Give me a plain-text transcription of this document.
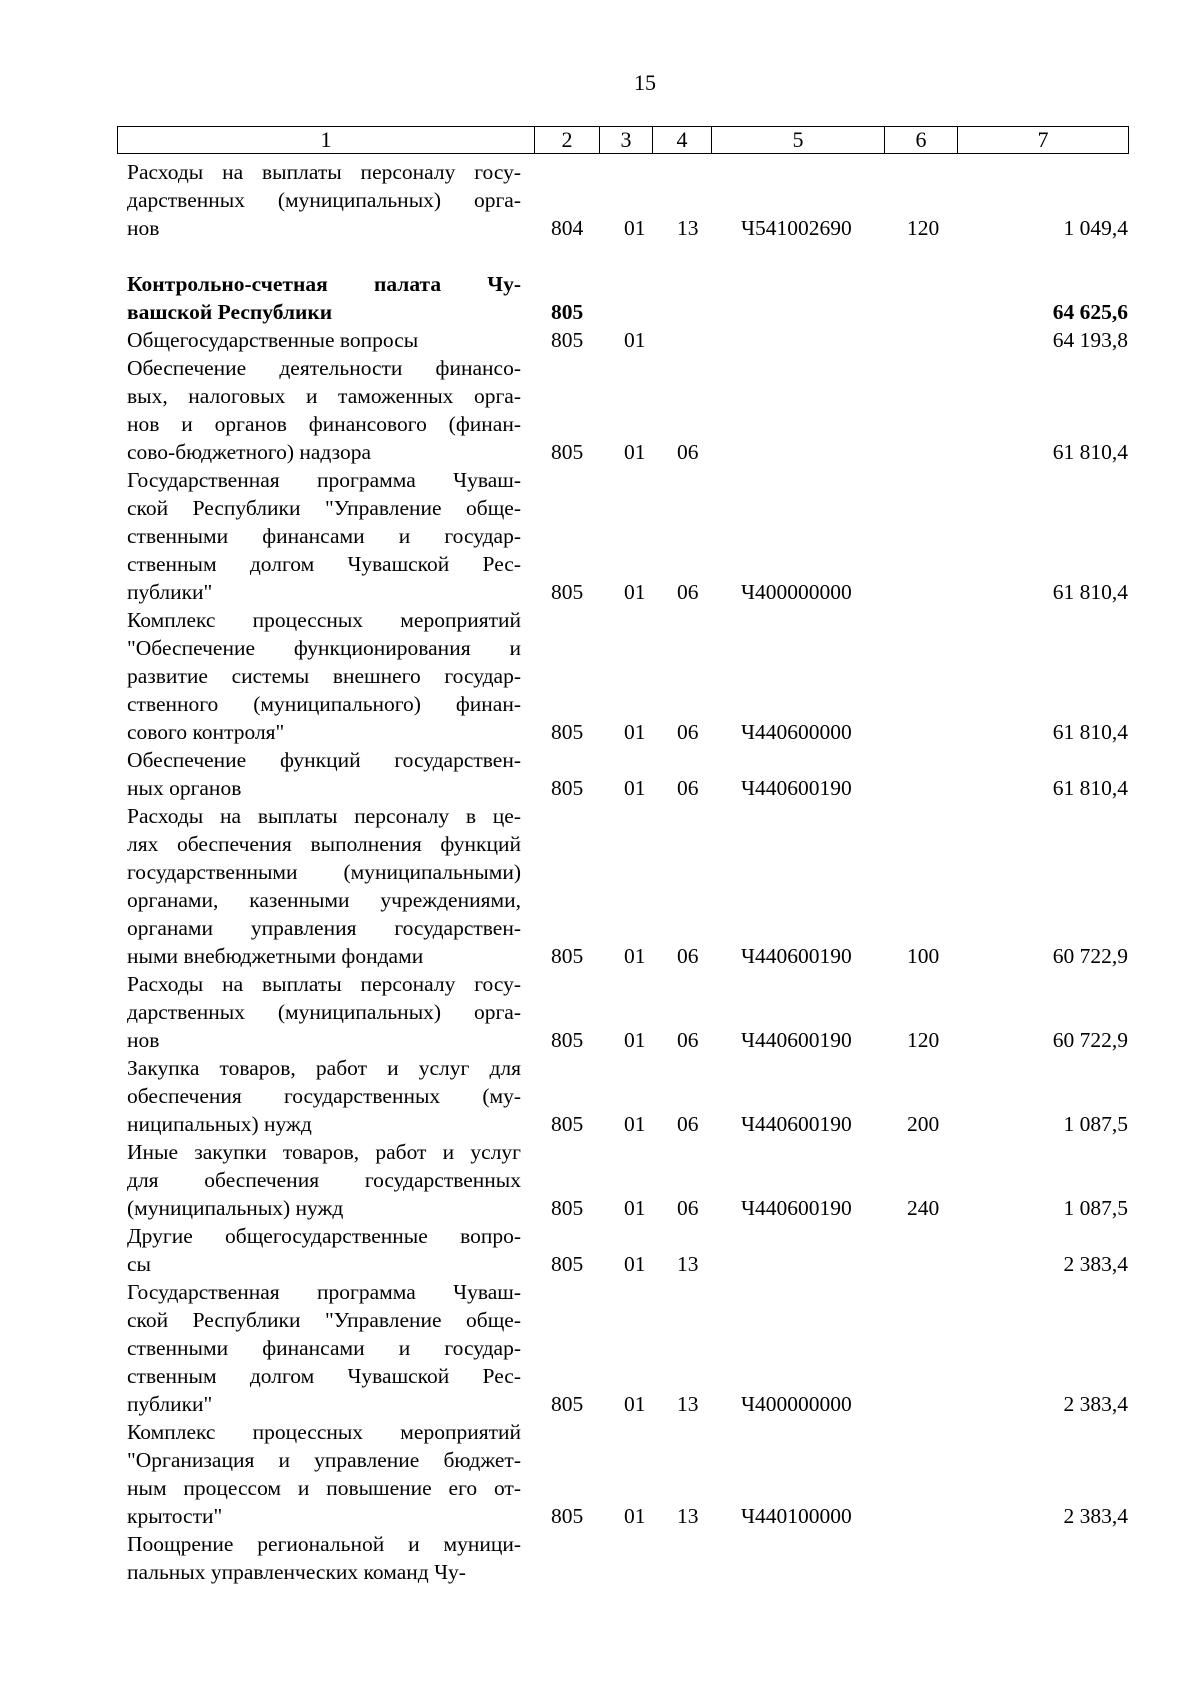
15
1	2	3	4	5	6	7
Расходы на выплаты персоналу госу-
дарственных (муниципальных) орга-
нов	804 01 13 Ч541002690	120	1 049,4
Контрольно-счетная палата Чу-
вашской Республики	805	64 625,6
Общегосударственные вопросы	805 01	64 193,8
Обеспечение деятельности финансо-
вых, налоговых и таможенных орга-
нов и органов финансового (финан-
сово-бюджетного) надзора	805 01 06	61 810,4
Государственная программа Чуваш-
ской Республики "Управление обще-
ственными финансами и государ-
ственным долгом Чувашской Рес-
публики"	805 01 06 Ч400000000	61 810,4
Комплекс процессных мероприятий
"Обеспечение функционирования и
развитие системы внешнего государ-
ственного (муниципального) финан-
сового контроля"	805 01 06 Ч440600000	61 810,4
Обеспечение функций государствен-
ных органов	805 01 06 Ч440600190	61 810,4
Расходы на выплаты персоналу в це-
лях обеспечения выполнения функций
государственными (муниципальными)
органами, казенными учреждениями,
органами управления государствен-
ными внебюджетными фондами	805 01 06 Ч440600190	100	60 722,9
Расходы на выплаты персоналу госу-
дарственных (муниципальных) орга-
нов	805 01 06 Ч440600190	120	60 722,9
Закупка товаров, работ и услуг для
обеспечения государственных (му-
ниципальных) нужд	805 01 06 Ч440600190	200	1 087,5
Иные закупки товаров, работ и услуг
для обеспечения государственных
(муниципальных) нужд	805 01 06 Ч440600190	240	1 087,5
Другие общегосударственные вопро-
сы	805 01 13	2 383,4
Государственная программа Чуваш-
ской Республики "Управление обще-
ственными финансами и государ-
ственным долгом Чувашской Рес-
публики"	805 01 13 Ч400000000	2 383,4
Комплекс процессных мероприятий
"Организация и управление бюджет-
ным процессом и повышение его от-
крытости"	805 01 13 Ч440100000	2 383,4
Поощрение региональной и муници-
пальных управленческих команд Чу-
